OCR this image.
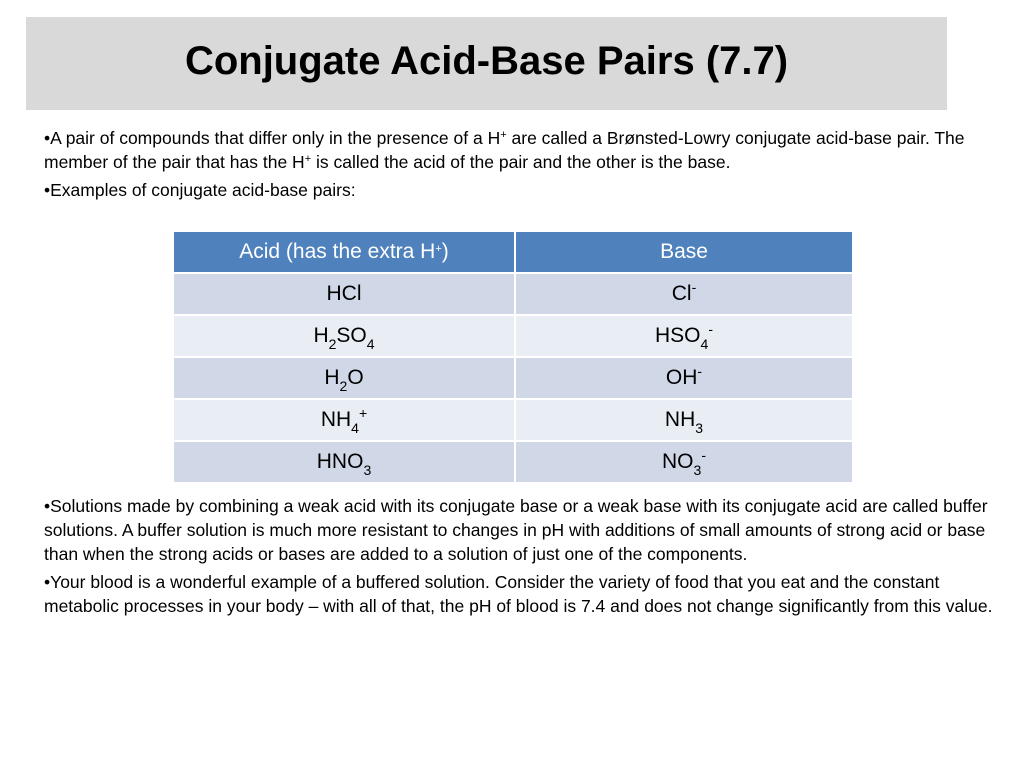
Conjugate Acid-Base Pairs (7.7)

•A pair of compounds that differ only in the presence of a H+ are called a Brønsted-Lowry conjugate acid-base pair. The member of the pair that has the H+ is called the acid of the pair and the other is the base.

•Examples of conjugate acid-base pairs:

Acid (has the extra H+)	Base
HCl	Cl-
$H_2SO_4$	$HSO_4^-$
$H_2O$	OH-
$NH_4^+$	$NH_3$
$HNO_3$	$NO_3^-$

•Solutions made by combining a weak acid with its conjugate base or a weak base with its conjugate acid are called buffer solutions. A buffer solution is much more resistant to changes in pH with additions of small amounts of strong acid or base than when the strong acids or bases are added to a solution of just one of the components.

•Your blood is a wonderful example of a buffered solution. Consider the variety of food that you eat and the constant metabolic processes in your body – with all of that, the pH of blood is 7.4 and does not change significantly from this value.
